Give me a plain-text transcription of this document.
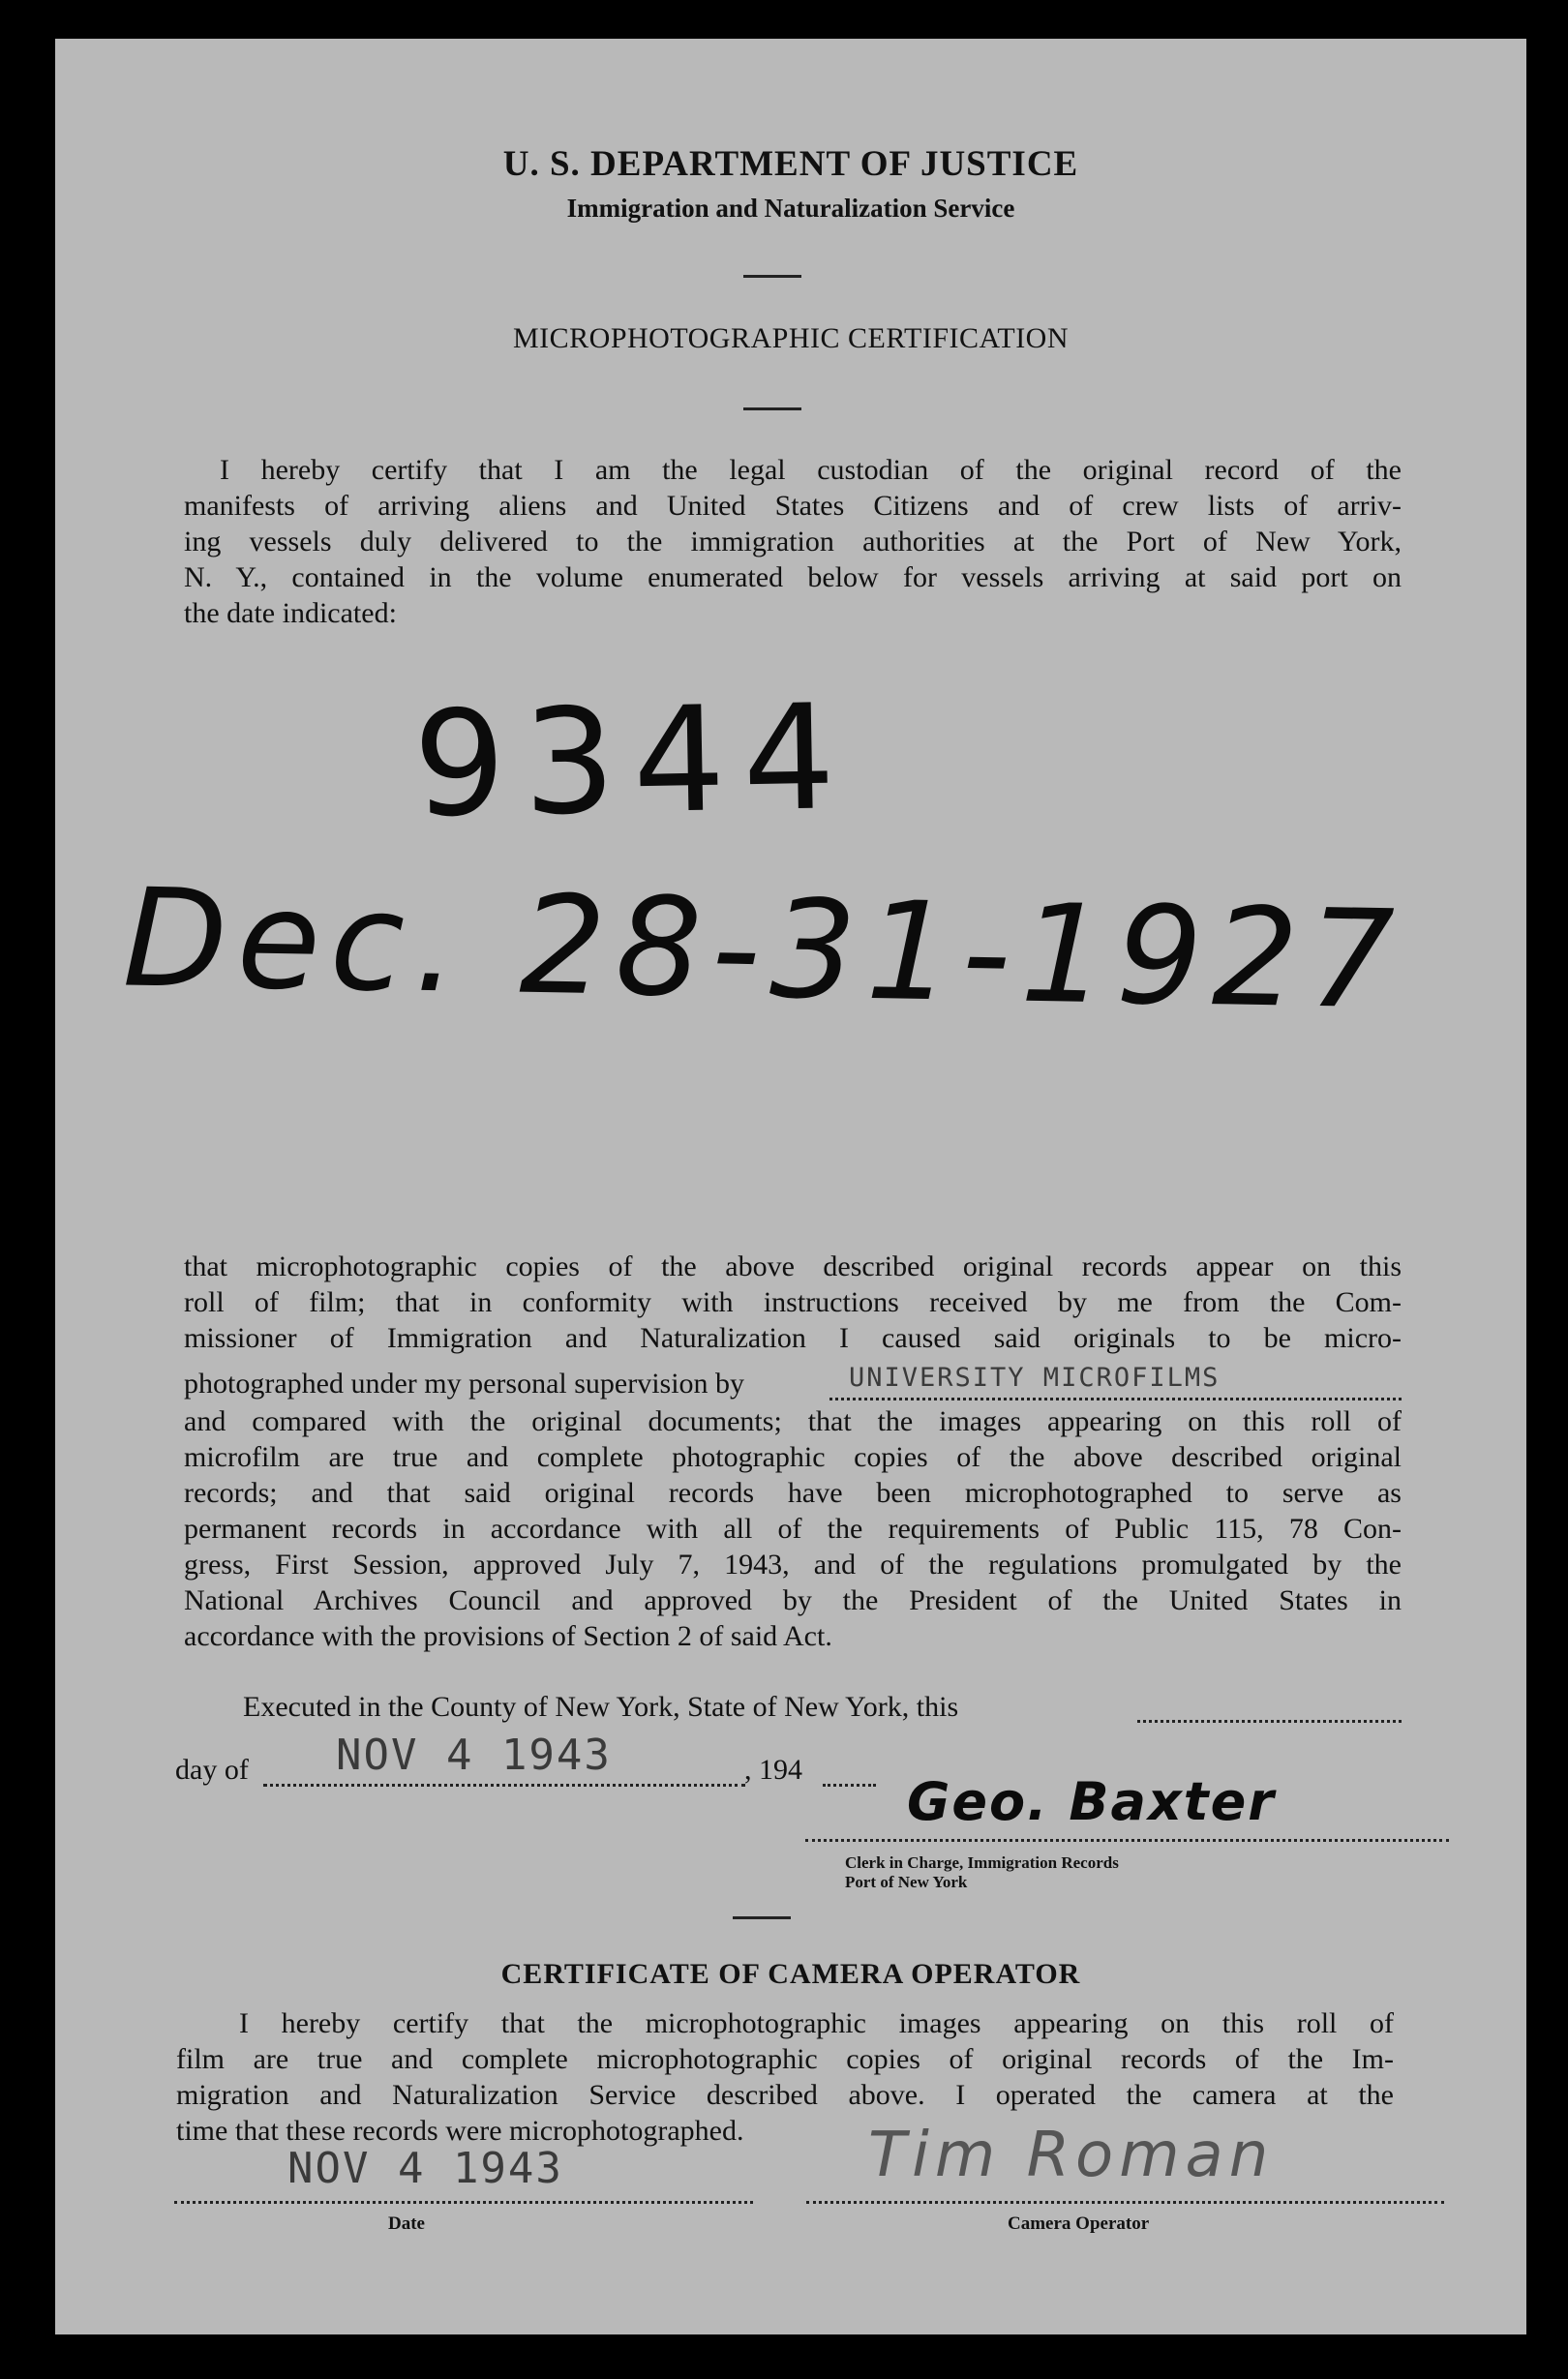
U. S. DEPARTMENT OF JUSTICE
Immigration and Naturalization Service
MICROPHOTOGRAPHIC CERTIFICATION
I hereby certify that I am the legal custodian of the original record of the
manifests of arriving aliens and United States Citizens and of crew lists of arriv-
ing vessels duly delivered to the immigration authorities at the Port of New York,
N. Y., contained in the volume enumerated below for vessels arriving at said port on
the date indicated:
9344
Dec. 28-31-1927
that microphotographic copies of the above described original records appear on this
roll of film; that in conformity with instructions received by me from the Com-
missioner of Immigration and Naturalization I caused said originals to be micro-
photographed under my personal supervision by	UNIVERSITY MICROFILMS
and compared with the original documents; that the images appearing on this roll of
microfilm are true and complete photographic copies of the above described original
records; and that said original records have been microphotographed to serve as
permanent records in accordance with all of the requirements of Public 115, 78 Con-
gress, First Session, approved July 7, 1943, and of the regulations promulgated by the
National Archives Council and approved by the President of the United States in
accordance with the provisions of Section 2 of said Act.
Executed in the County of New York, State of New York, this
day of NOV 4 1943	, 194
Geo. Baxter
Clerk in Charge, Immigration Records
Port of New York
CERTIFICATE OF CAMERA OPERATOR
I hereby certify that the microphotographic images appearing on this roll of
film are true and complete microphotographic copies of original records of the Im-
migration and Naturalization Service described above. I operated the camera at the
time that these records were microphotographed.
NOV 4 1943
Date
Tim Roman
Camera Operator
